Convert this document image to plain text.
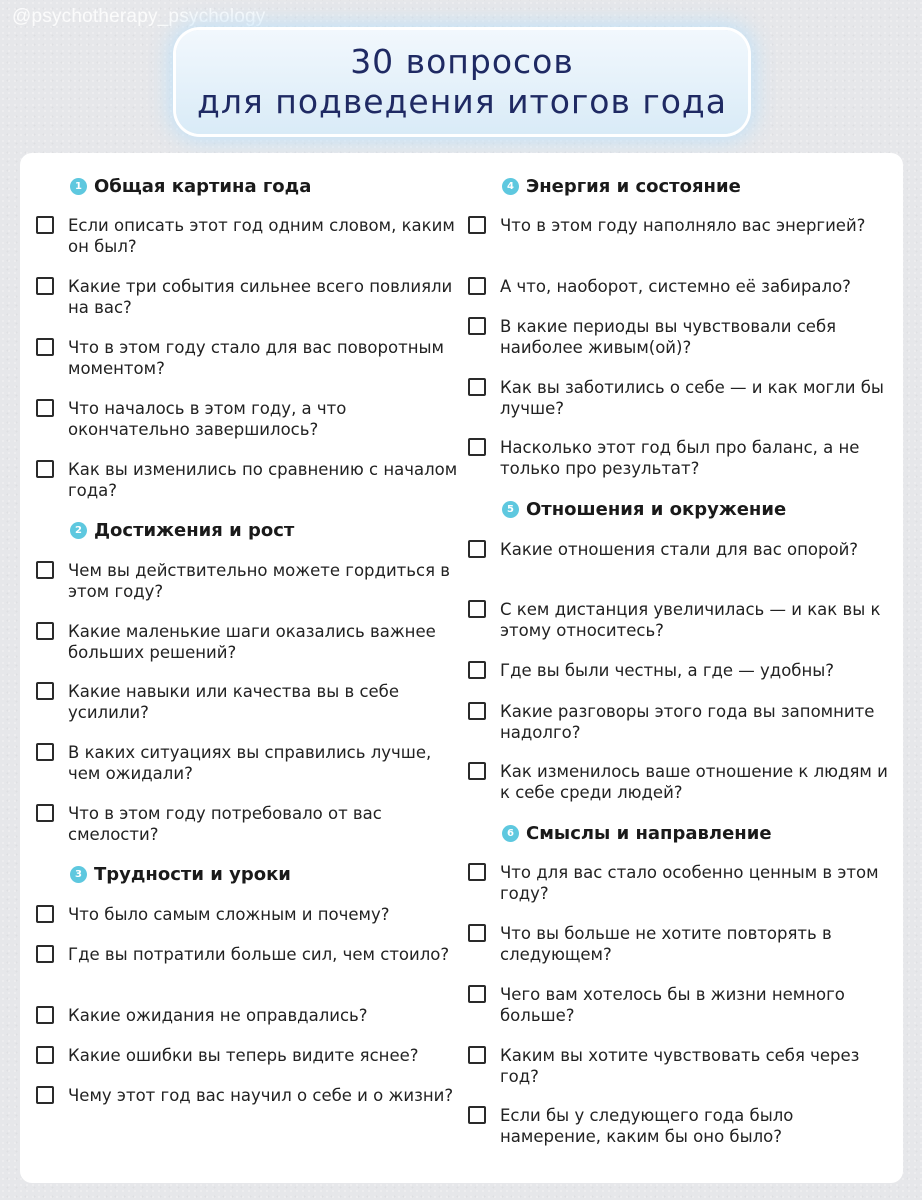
@psychotherapy_psychology
30 вопросов
для подведения итогов года
1 Общая картина года
Если описать этот год одним словом, каким он был?
Какие три события сильнее всего повлияли на вас?
Что в этом году стало для вас поворотным моментом?
Что началось в этом году, а что окончательно завершилось?
Как вы изменились по сравнению с началом года?
2 Достижения и рост
Чем вы действительно можете гордиться в этом году?
Какие маленькие шаги оказались важнее больших решений?
Какие навыки или качества вы в себе усилили?
В каких ситуациях вы справились лучше, чем ожидали?
Что в этом году потребовало от вас смелости?
3 Трудности и уроки
Что было самым сложным и почему?
Где вы потратили больше сил, чем стоило?
Какие ожидания не оправдались?
Какие ошибки вы теперь видите яснее?
Чему этот год вас научил о себе и о жизни?
4 Энергия и состояние
Что в этом году наполняло вас энергией?
А что, наоборот, системно её забирало?
В какие периоды вы чувствовали себя наиболее живым(ой)?
Как вы заботились о себе — и как могли бы лучше?
Насколько этот год был про баланс, а не только про результат?
5 Отношения и окружение
Какие отношения стали для вас опорой?
С кем дистанция увеличилась — и как вы к этому относитесь?
Где вы были честны, а где — удобны?
Какие разговоры этого года вы запомните надолго?
Как изменилось ваше отношение к людям и к себе среди людей?
6 Смыслы и направление
Что для вас стало особенно ценным в этом году?
Что вы больше не хотите повторять в следующем?
Чего вам хотелось бы в жизни немного больше?
Каким вы хотите чувствовать себя через год?
Если бы у следующего года было намерение, каким бы оно было?
